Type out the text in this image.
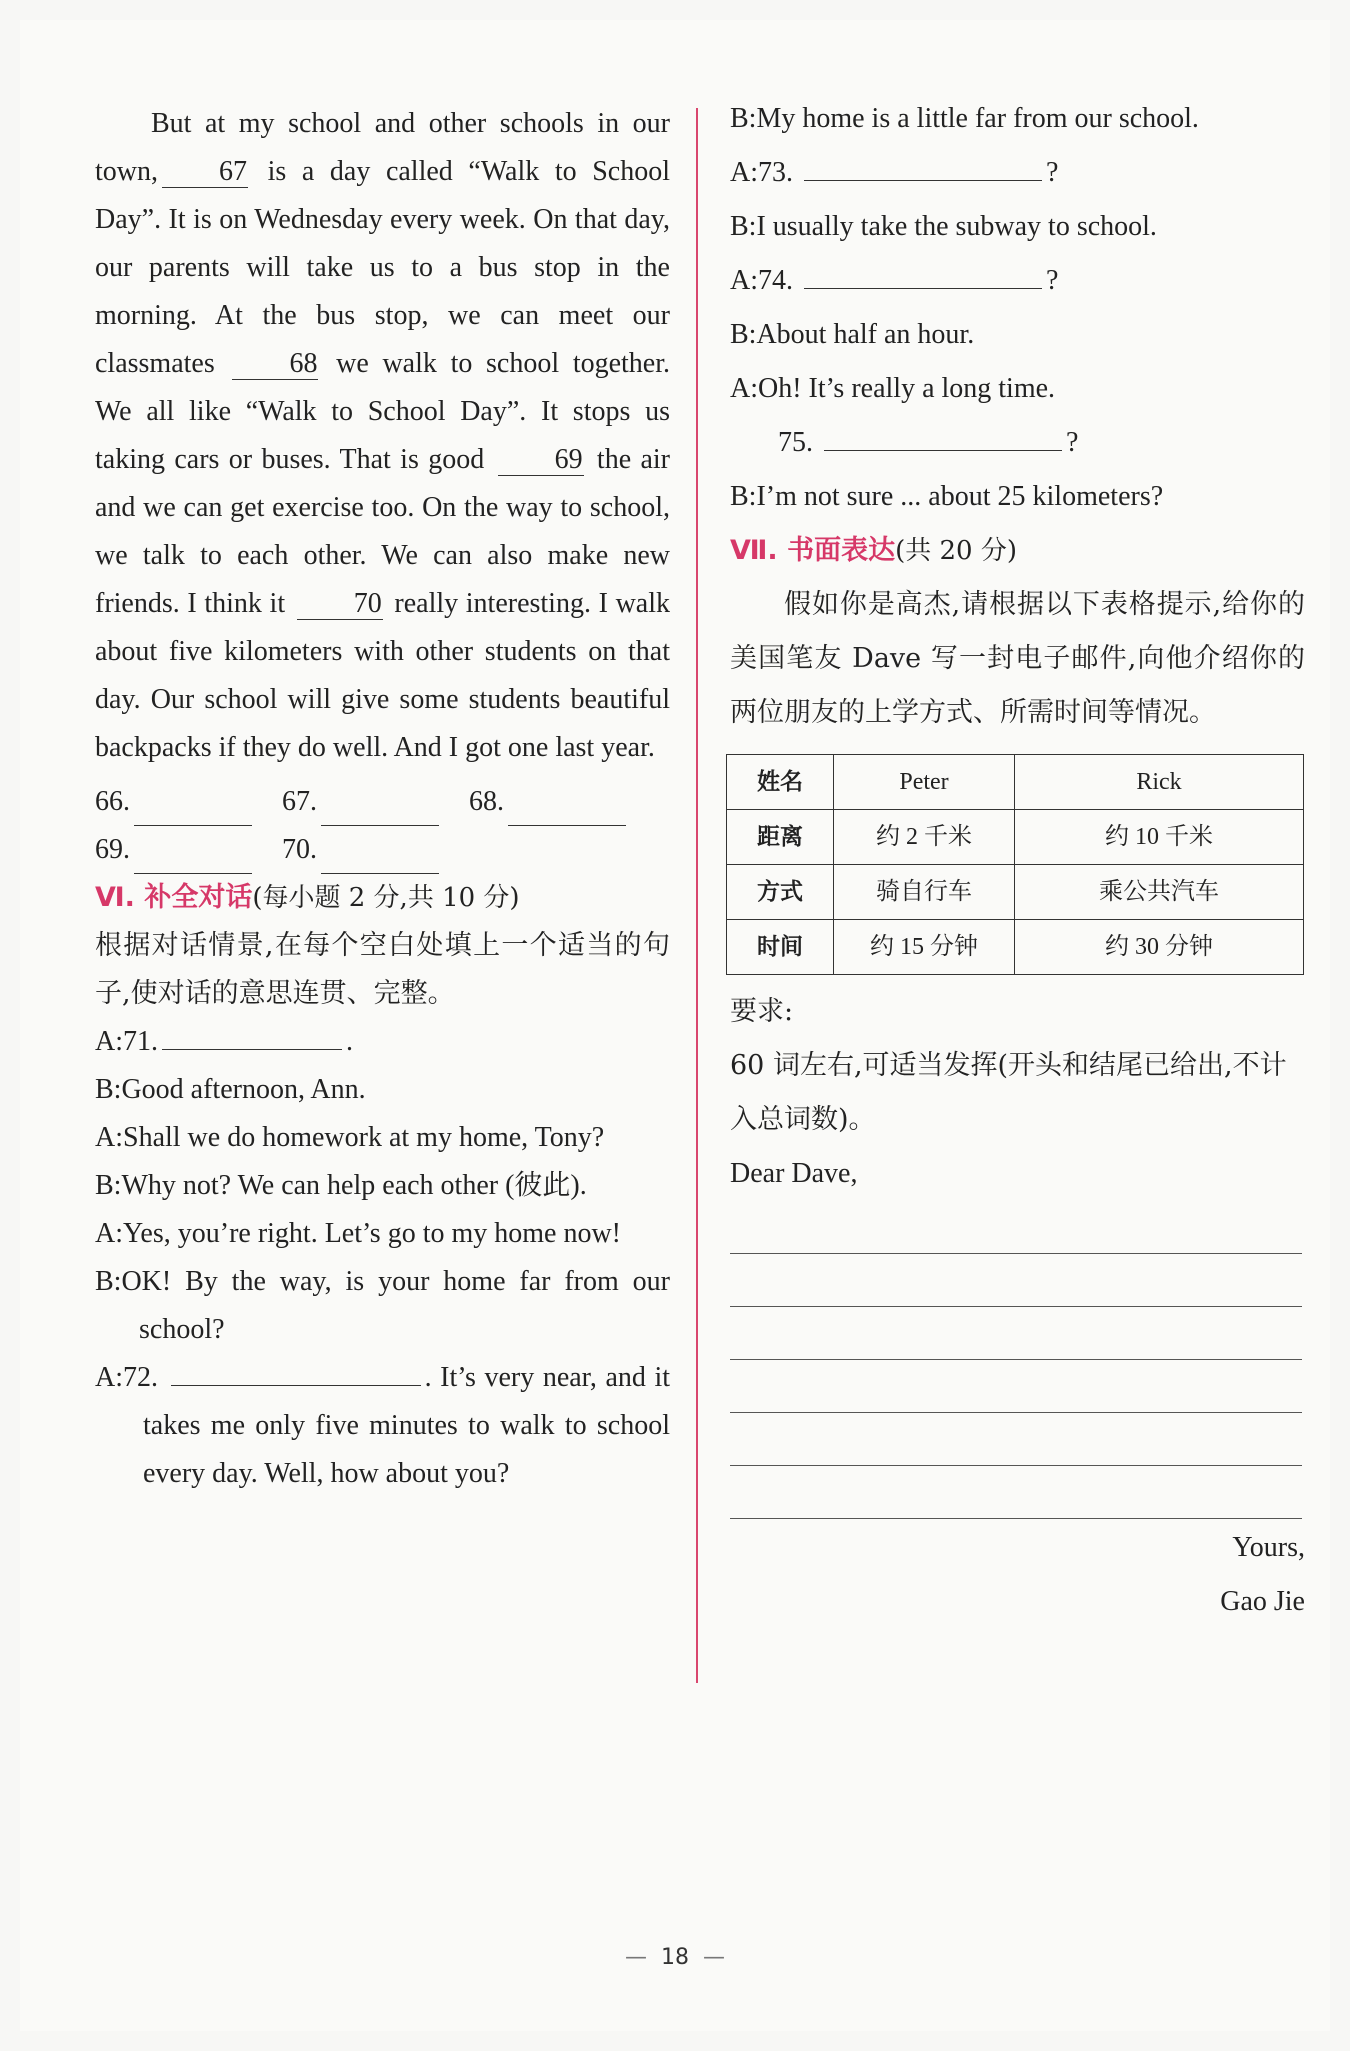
But at my school and other schools in our town, 67 is a day called “Walk to School Day”. It is on Wednesday every week. On that day, our parents will take us to a bus stop in the morning. At the bus stop, we can meet our classmates	68 we walk to school together. We all like “Walk to School Day”. It stops us taking cars or buses. That is good	69 the air and we can get exercise too. On the way to school, we talk to each other. We can also make new friends. I think it 70 really interesting. I walk about five kilometers with other students on that day. Our school will give some students beautiful backpacks if they do well. And I got one last year.

66.	67.	68.
69.	70.

Ⅵ. 补全对话(每小题 2 分,共 10 分)

根据对话情景,在每个空白处填上一个适当的句子,使对话的意思连贯、完整。

A:71.	.

B:Good afternoon, Ann.

A:Shall we do homework at my home, Tony?

B:Why not? We can help each other (彼此).

A:Yes, you’re right. Let’s go to my home now!

B:OK! By the way, is your home far from our school?

A:72.	. It’s very near, and it takes me only five minutes to walk to school every day. Well, how about you?

B:My home is a little far from our school.

A:73.	?

B:I usually take the subway to school.

A:74.	?

B:About half an hour.

A:Oh! It’s really a long time.

75.	?

B:I’m not sure ... about 25 kilometers?

Ⅶ. 书面表达(共 20 分)

假如你是高杰,请根据以下表格提示,给你的美国笔友 Dave 写一封电子邮件,向他介绍你的两位朋友的上学方式、所需时间等情况。

姓名	Peter	Rick
距离	约 2 千米	约 10 千米
方式	骑自行车	乘公共汽车
时间	约 15 分钟	约 30 分钟

要求:

60 词左右,可适当发挥(开头和结尾已给出,不计入总词数)。

Dear Dave,

Yours,

Gao Jie

— 18 —
